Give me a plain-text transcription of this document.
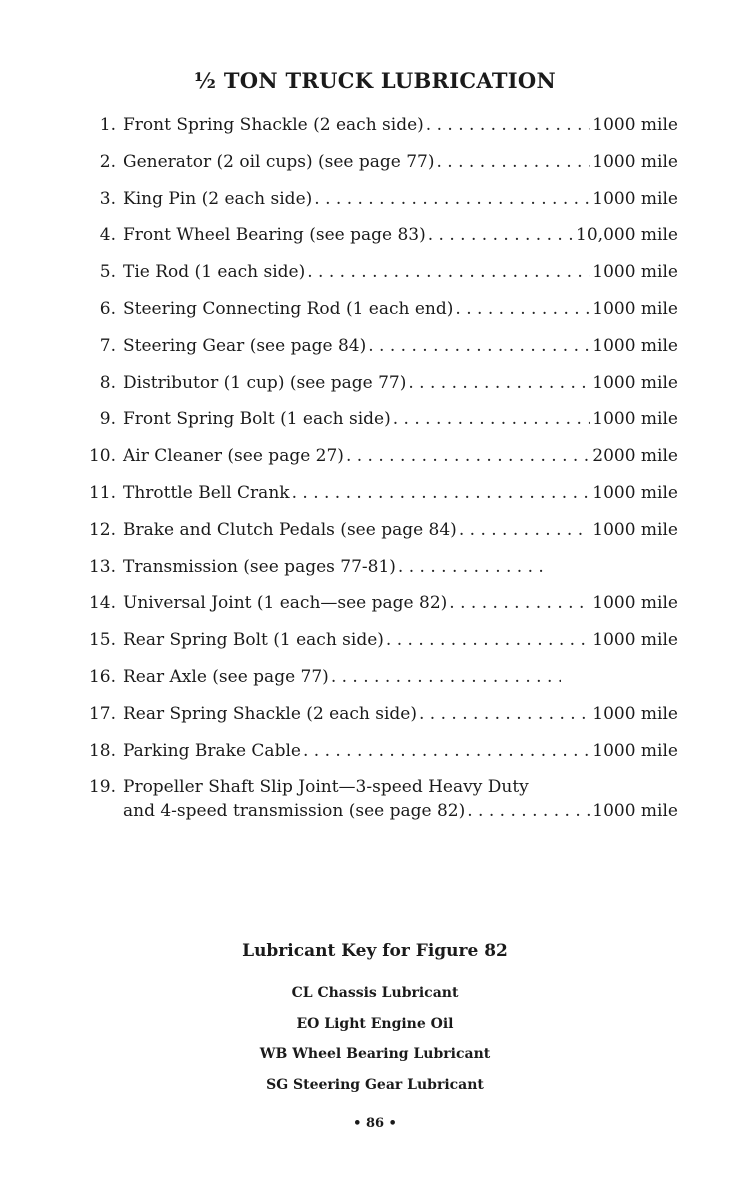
½ TON TRUCK LUBRICATION
1. Front Spring Shackle (2 each side) . . .	1000 mile
2. Generator (2 oil cups) (see page 77) . . .	1000 mile
3. King Pin (2 each side) . . .	1000 mile
4. Front Wheel Bearing (see page 83) . . .	10,000 mile
5. Tie Rod (1 each side) . . .	1000 mile
6. Steering Connecting Rod (1 each end) . . .	1000 mile
7. Steering Gear (see page 84) . . .	1000 mile
8. Distributor (1 cup) (see page 77) . . .	1000 mile
9. Front Spring Bolt (1 each side) . . .	1000 mile
10. Air Cleaner (see page 27) . . .	2000 mile
11. Throttle Bell Crank . . .	1000 mile
12. Brake and Clutch Pedals (see page 84) . . .	1000 mile
13. Transmission (see pages 77-81)
. . .
14. Universal Joint (1 each—see page 82) . . .	1000 mile
15. Rear Spring Bolt (1 each side) . . .	1000 mile
16. Rear Axle (see page 77)
. . .
17. Rear Spring Shackle (2 each side) . . .	1000 mile
18. Parking Brake Cable . . .	1000 mile
19. Propeller Shaft Slip Joint—3-speed Heavy Duty
and 4-speed transmission (see page 82) . . .	1000 mile
Lubricant Key for Figure 82
CL Chassis Lubricant
EO Light Engine Oil
WB Wheel Bearing Lubricant
SG Steering Gear Lubricant
• 86 •
